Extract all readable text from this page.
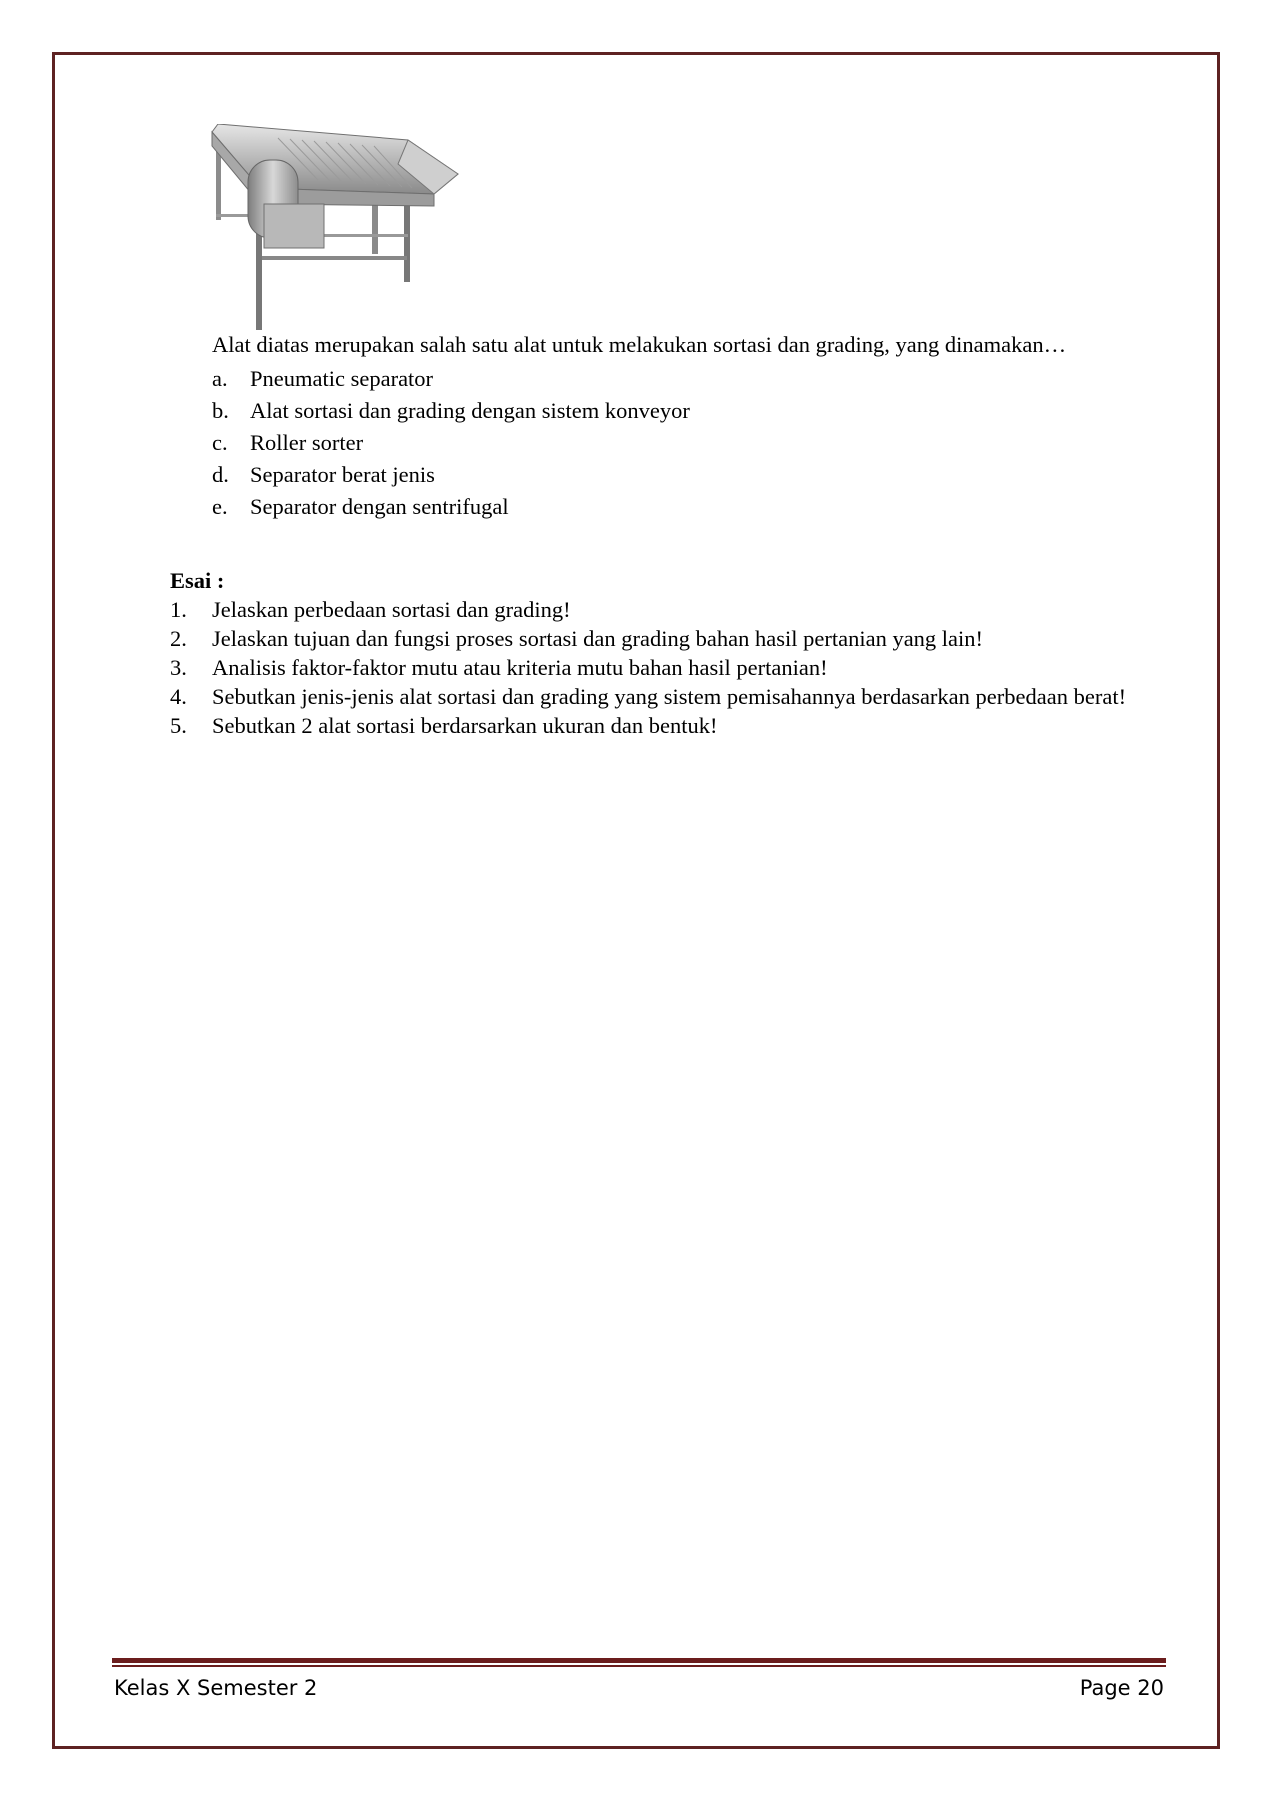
Alat diatas merupakan salah satu alat untuk melakukan sortasi dan grading, yang dinamakan…

a. Pneumatic separator
b. Alat sortasi dan grading dengan sistem konveyor
c. Roller sorter
d. Separator berat jenis
e. Separator dengan sentrifugal

Esai :

1.	Jelaskan perbedaan sortasi dan grading!
2.	Jelaskan tujuan dan fungsi proses sortasi dan grading bahan hasil pertanian yang lain!
3.	Analisis faktor-faktor mutu atau kriteria mutu bahan hasil pertanian!
4.	Sebutkan jenis-jenis alat sortasi dan grading yang sistem pemisahannya berdasarkan perbedaan berat!
5.	Sebutkan 2 alat sortasi berdarsarkan ukuran dan bentuk!
Kelas X Semester 2	Page 20
